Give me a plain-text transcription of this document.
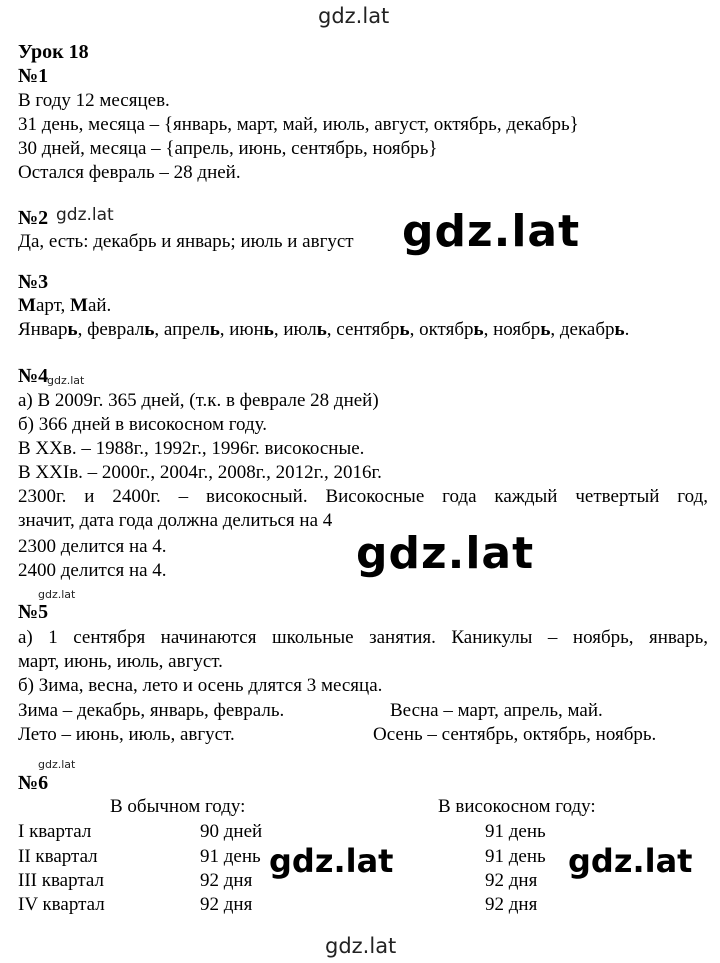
gdz.lat
Урок 18
№1
В году 12 месяцев.
31 день, месяца – {январь, март, май, июль, август, октябрь, декабрь}
30 дней, месяца – {апрель, июнь, сентябрь, ноябрь}
Остался февраль – 28 дней.
№2 gdz.lat
Да, есть: декабрь и январь; июль и август gdz.lat
№3
Март, Май.
Январь, февраль, апрель, июнь, июль, сентябрь, октябрь, ноябрь, декабрь.
№4
gdz.lat
а) В 2009г. 365 дней, (т.к. в феврале 28 дней)
б) 366 дней в високосном году.
В XXв. – 1988г., 1992г., 1996г. високосные.
В XXIв. – 2000г., 2004г., 2008г., 2012г., 2016г.
2300г. и 2400г. – високосный. Високосные года каждый четвертый год,
значит, дата года должна делиться на 4
2300 делится на 4.
2400 делится на 4.	gdz.lat
gdz.lat
№5
а) 1 сентября начинаются школьные занятия. Каникулы – ноябрь, январь,
март, июнь, июль, август.
б) Зима, весна, лето и осень длятся 3 месяца.
Зима – декабрь, январь, февраль.	Весна – март, апрель, май.
Лето – июнь, июль, август.	Осень – сентябрь, октябрь, ноябрь.
gdz.lat
№6
В обычном году:	В високосном году:
I квартал	90 дней	91 день
II квартал	91 день	91 день
III квартал	92 дня	92 дня
IV квартал	92 дня	92 дня
gdz.lat	gdz.lat
gdz.lat
